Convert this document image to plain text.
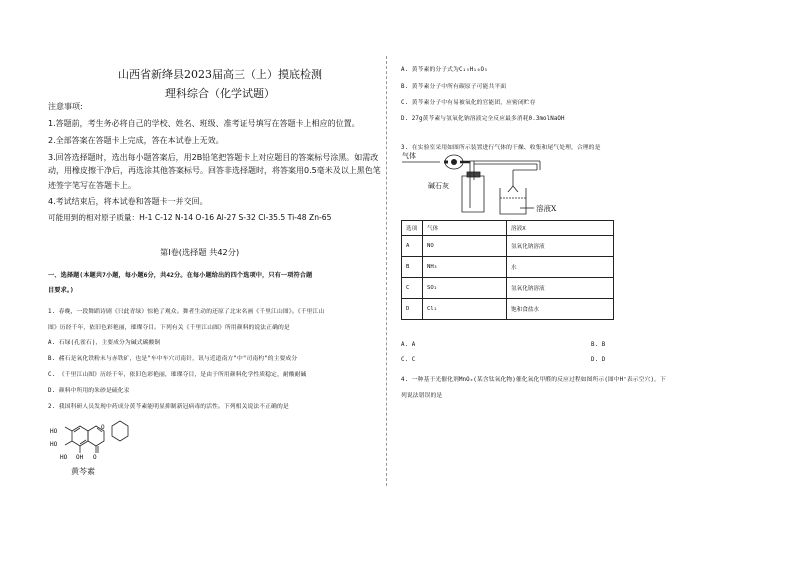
山西省新绛县2023届高三（上）摸底检测
理科综合（化学试题）
注意事项:
1.答题前，考生务必将自己的学校、姓名、班级、准考证号填写在答题卡上相应的位置。
2.全部答案在答题卡上完成，答在本试卷上无效。
3.回答选择题时，选出每小题答案后，用2B铅笔把答题卡上对应题目的答案标号涂黑。如需改
动，用橡皮擦干净后，再选涂其他答案标号。回答非选择题时，将答案用0.5毫米及以上黑色笔
迹签字笔写在答题卡上。
4.考试结束后，将本试卷和答题卡一并交回。
可能用到的相对原子质量：H-1 C-12 N-14 O-16 Al-27 S-32 Cl-35.5 Ti-48 Zn-65
第Ⅰ卷(选择题 共42分)
一、选择题(本题共7小题，每小题6分，共42分。在每小题给出的四个选项中，只有一项符合题
目要求。)
1. 春晚，一段舞蹈诗剧《只此青绿》惊艳了观众。舞者生动的还原了北宋名画《千里江山图》。《千里江山
图》历经千年，依旧色彩艳丽，璀璨夺目。下列有关《千里江山图》所用颜料的说法正确的是
A. 石绿(孔雀石)，主要成分为碱式碳酸铜
B. 赭石是氧化铁粉末与赤铁矿，也是"车中车穴司南针，讯与近道南方"中"司南杓"的主要成分
C. 《千里江山图》历经千年，依旧色彩艳丽，璀璨夺目，是由于所用颜料化学性质稳定，耐酸耐碱
D. 颜料中所用的朱砂是硫化汞
2. 我国科研人员发现中药成分黄芩素能明显抑制新冠病毒的活性。下列相关说法不正确的是
HO
HO
HO OH O
O
黄芩素
A. 黄芩素的分子式为C₁₅H₁₀O₅
B. 黄芩素分子中所有碳原子可能共平面
C. 黄芩素分子中有易被氧化的官能团，应密闭贮存
D. 27g黄芩素与氢氧化钠溶液完全反应最多消耗0.3molNaOH
3. 在实验室采用如图所示装置进行气体的干燥、收集和尾气处理，合理的是
气体
碱石灰
溶液X
选项	气体	溶液X
A	NO	氢氧化钠溶液
B	NH₃	水
C	SO₂	氢氧化钠溶液
D	Cl₂	饱和食盐水
A. A	B. B
C. C	D. D
4. 一种基于光催化剂MnOₓ(某含钛氧化物)催化氧化甲醛的反应过程如图所示(图中H⁺表示空穴)，下
列说法错误的是
